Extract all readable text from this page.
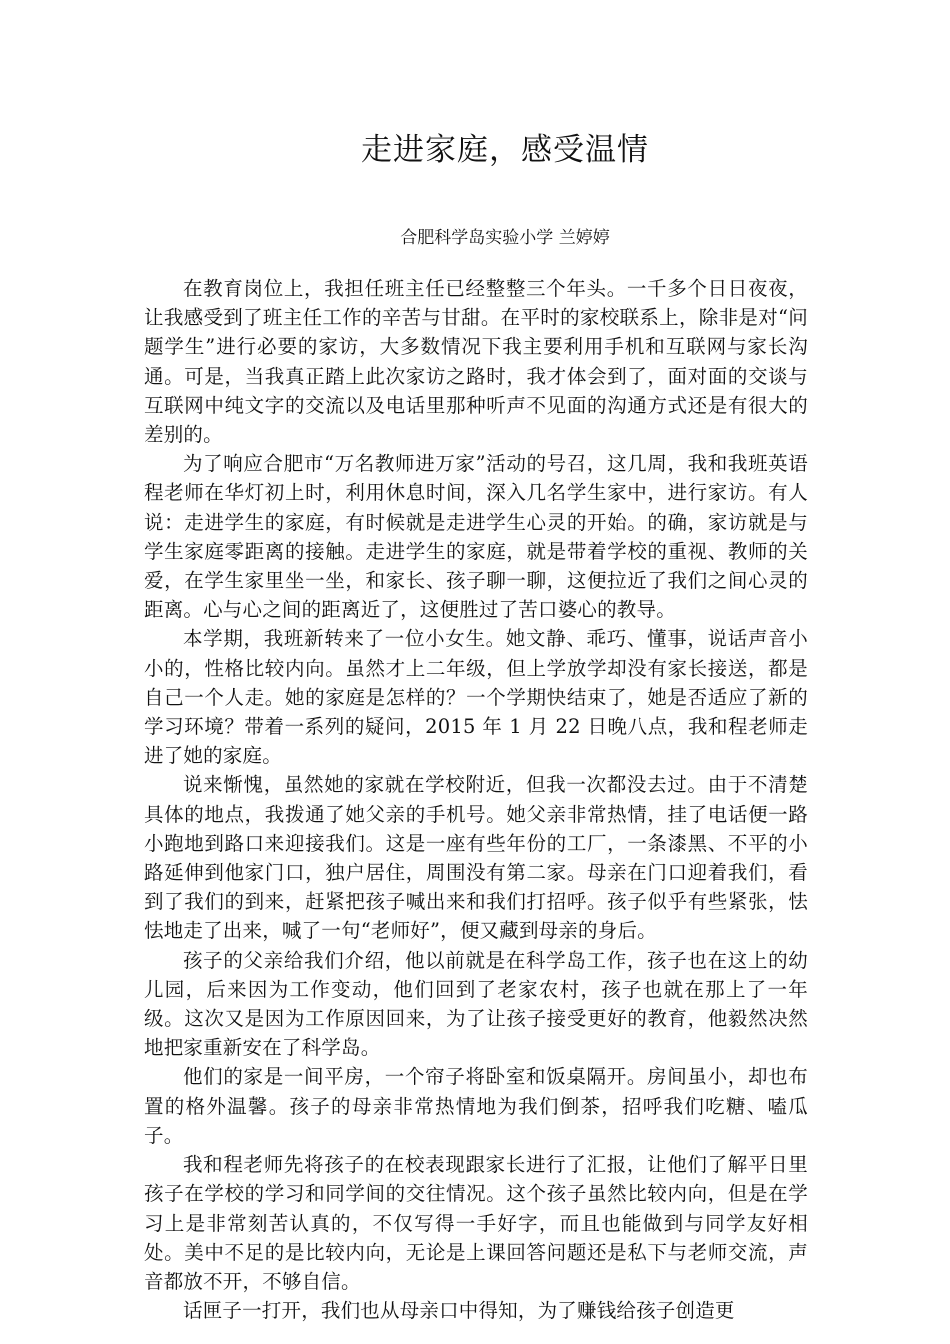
走进家庭，感受温情

合肥科学岛实验小学 兰婷婷

在教育岗位上，我担任班主任已经整整三个年头。一千多个日日夜夜，让我感受到了班主任工作的辛苦与甘甜。在平时的家校联系上，除非是对“问题学生”进行必要的家访，大多数情况下我主要利用手机和互联网与家长沟通。可是，当我真正踏上此次家访之路时，我才体会到了，面对面的交谈与互联网中纯文字的交流以及电话里那种听声不见面的沟通方式还是有很大的差别的。

为了响应合肥市“万名教师进万家”活动的号召，这几周，我和我班英语程老师在华灯初上时，利用休息时间，深入几名学生家中，进行家访。有人说：走进学生的家庭，有时候就是走进学生心灵的开始。的确，家访就是与学生家庭零距离的接触。走进学生的家庭，就是带着学校的重视、教师的关爱，在学生家里坐一坐，和家长、孩子聊一聊，这便拉近了我们之间心灵的距离。心与心之间的距离近了，这便胜过了苦口婆心的教导。

本学期，我班新转来了一位小女生。她文静、乖巧、懂事，说话声音小小的，性格比较内向。虽然才上二年级，但上学放学却没有家长接送，都是自己一个人走。她的家庭是怎样的？一个学期快结束了，她是否适应了新的学习环境？带着一系列的疑问，2015 年 1 月 22 日晚八点，我和程老师走进了她的家庭。

说来惭愧，虽然她的家就在学校附近，但我一次都没去过。由于不清楚具体的地点，我拨通了她父亲的手机号。她父亲非常热情，挂了电话便一路小跑地到路口来迎接我们。这是一座有些年份的工厂，一条漆黑、不平的小路延伸到他家门口，独户居住，周围没有第二家。母亲在门口迎着我们，看到了我们的到来，赶紧把孩子喊出来和我们打招呼。孩子似乎有些紧张，怯怯地走了出来，喊了一句“老师好”，便又藏到母亲的身后。

孩子的父亲给我们介绍，他以前就是在科学岛工作，孩子也在这上的幼儿园，后来因为工作变动，他们回到了老家农村，孩子也就在那上了一年级。这次又是因为工作原因回来，为了让孩子接受更好的教育，他毅然决然地把家重新安在了科学岛。

他们的家是一间平房，一个帘子将卧室和饭桌隔开。房间虽小，却也布置的格外温馨。孩子的母亲非常热情地为我们倒茶，招呼我们吃糖、嗑瓜子。

我和程老师先将孩子的在校表现跟家长进行了汇报，让他们了解平日里孩子在学校的学习和同学间的交往情况。这个孩子虽然比较内向，但是在学习上是非常刻苦认真的，不仅写得一手好字，而且也能做到与同学友好相处。美中不足的是比较内向，无论是上课回答问题还是私下与老师交流，声音都放不开，不够自信。

话匣子一打开，我们也从母亲口中得知，为了赚钱给孩子创造更
